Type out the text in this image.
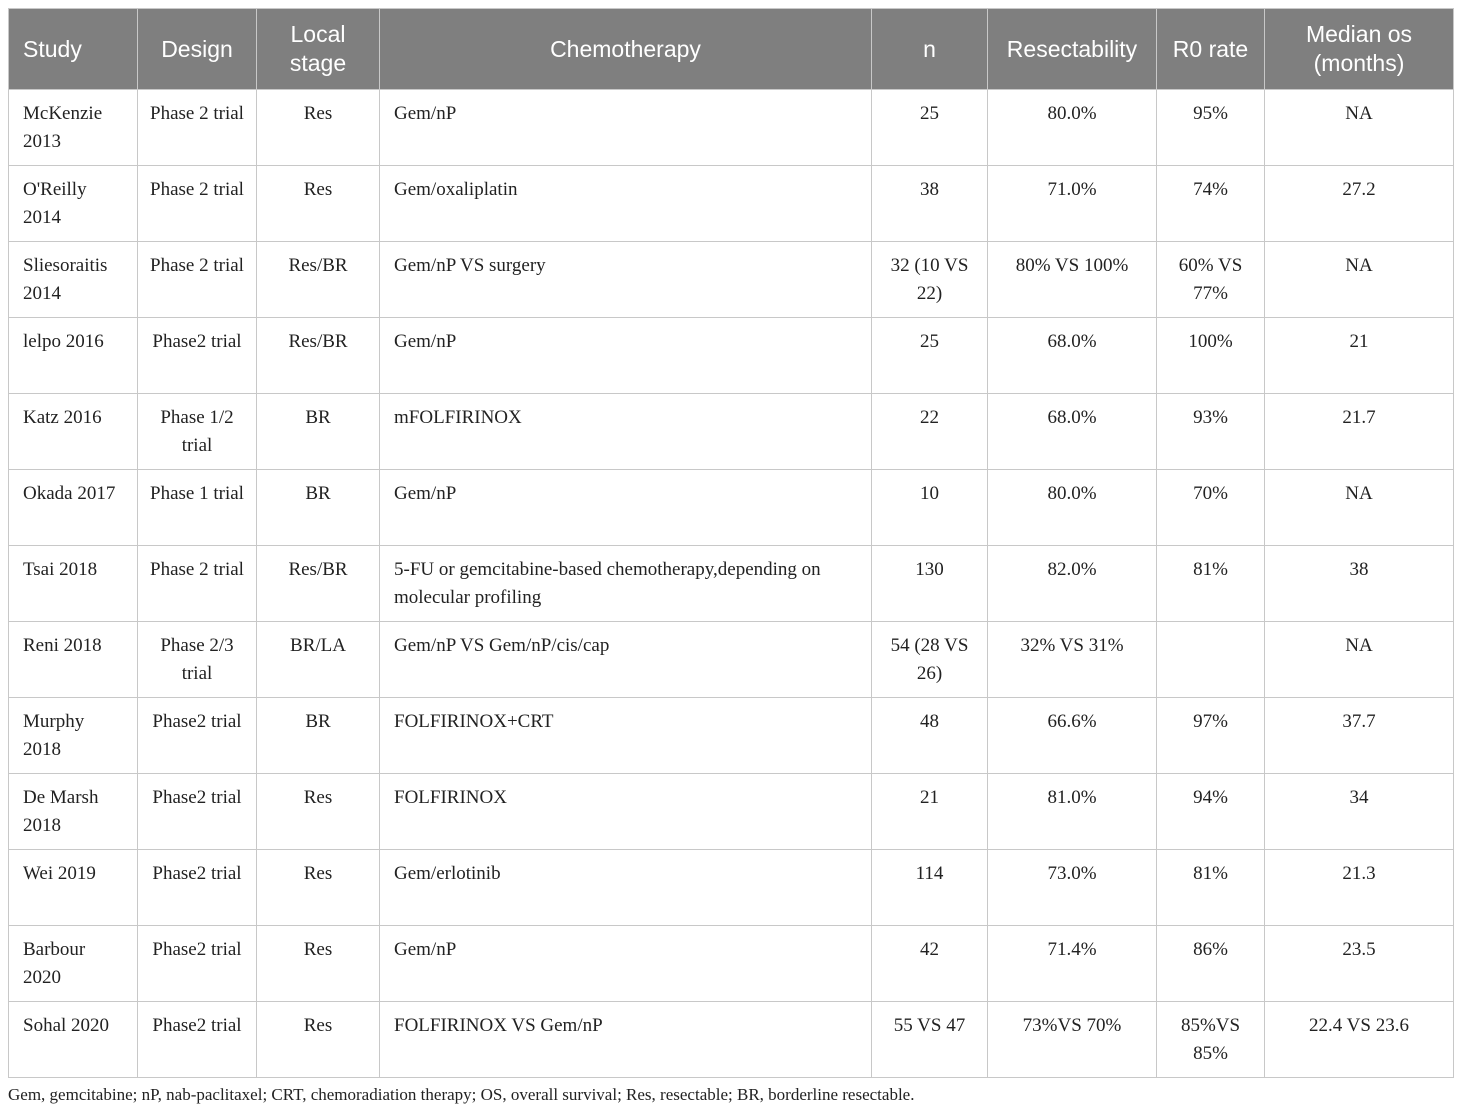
Study	Design	Local stage	Chemotherapy	n	Resectability	R0 rate	Median os (months)
McKenzie 2013	Phase 2 trial	Res	Gem/nP	25	80.0%	95%	NA
O'Reilly 2014	Phase 2 trial	Res	Gem/oxaliplatin	38	71.0%	74%	27.2
Sliesoraitis 2014	Phase 2 trial	Res/BR	Gem/nP VS surgery	32 (10 VS 22)	80% VS 100%	60% VS 77%	NA
lelpo 2016	Phase2 trial	Res/BR	Gem/nP	25	68.0%	100%	21
Katz 2016	Phase 1/2 trial	BR	mFOLFIRINOX	22	68.0%	93%	21.7
Okada 2017	Phase 1 trial	BR	Gem/nP	10	80.0%	70%	NA
Tsai 2018	Phase 2 trial	Res/BR	5-FU or gemcitabine-based chemotherapy,depending on molecular profiling	130	82.0%	81%	38
Reni 2018	Phase 2/3 trial	BR/LA	Gem/nP VS Gem/nP/cis/cap	54 (28 VS 26)	32% VS 31%		NA
Murphy 2018	Phase2 trial	BR	FOLFIRINOX+CRT	48	66.6%	97%	37.7
De Marsh 2018	Phase2 trial	Res	FOLFIRINOX	21	81.0%	94%	34
Wei 2019	Phase2 trial	Res	Gem/erlotinib	114	73.0%	81%	21.3
Barbour 2020	Phase2 trial	Res	Gem/nP	42	71.4%	86%	23.5
Sohal 2020	Phase2 trial	Res	FOLFIRINOX VS Gem/nP	55 VS 47	73%VS 70%	85%VS 85%	22.4 VS 23.6
Gem, gemcitabine; nP, nab-paclitaxel; CRT, chemoradiation therapy; OS, overall survival; Res, resectable; BR, borderline resectable.
